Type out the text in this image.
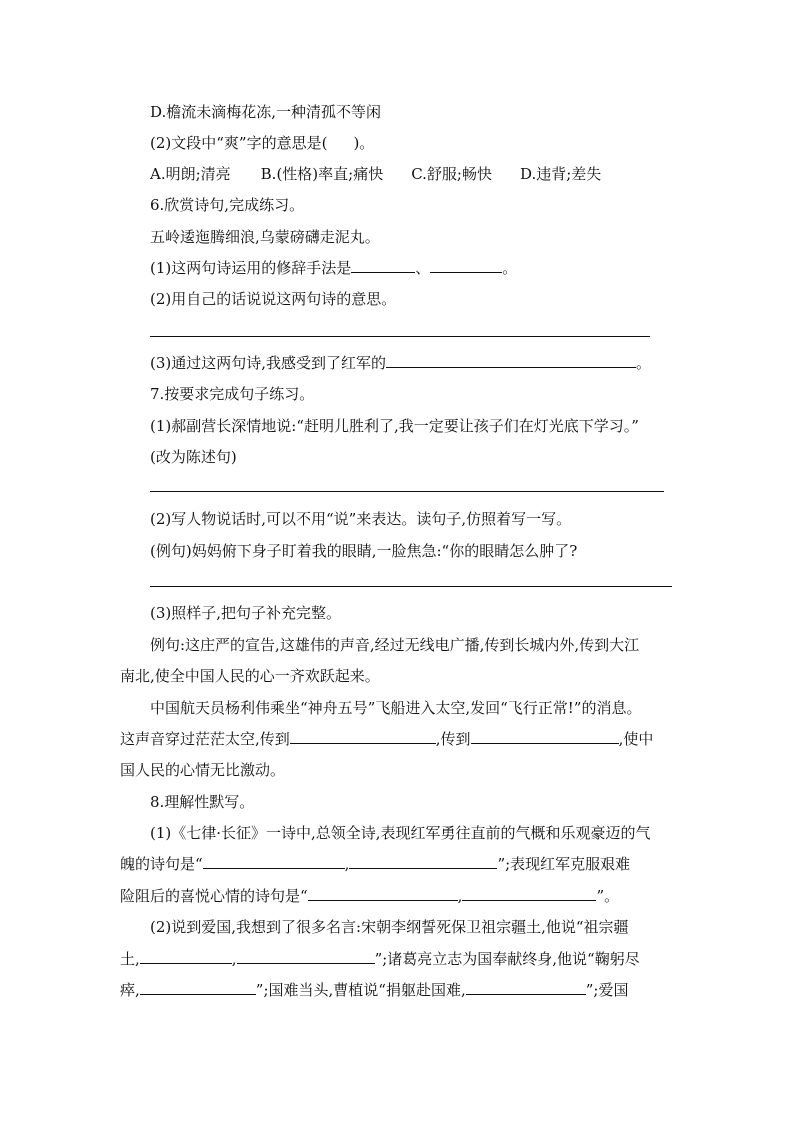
D.檐流未滴梅花冻,一种清孤不等闲
(2)文段中“爽”字的意思是( )。
A.明朗;清亮 B.(性格)率直;痛快 C.舒服;畅快 D.违背;差失
6.欣赏诗句,完成练习。
五岭逶迤腾细浪,乌蒙磅礴走泥丸。
(1)这两句诗运用的修辞手法是	、	。
(2)用自己的话说说这两句诗的意思。
(3)通过这两句诗,我感受到了红军的	。
7.按要求完成句子练习。
(1)郝副营长深情地说:“赶明儿胜利了,我一定要让孩子们在灯光底下学习。”
(改为陈述句)
(2)写人物说话时,可以不用“说”来表达。读句子,仿照着写一写。
(例句)妈妈俯下身子盯着我的眼睛,一脸焦急:“你的眼睛怎么肿了?
(3)照样子,把句子补充完整。
例句:这庄严的宣告,这雄伟的声音,经过无线电广播,传到长城内外,传到大江
南北,使全中国人民的心一齐欢跃起来。
中国航天员杨利伟乘坐“神舟五号”飞船进入太空,发回“飞行正常!”的消息。
这声音穿过茫茫太空,传到	,传到	,使中
国人民的心情无比激动。
8.理解性默写。
(1)《七律·长征》一诗中,总领全诗,表现红军勇往直前的气概和乐观豪迈的气
魄的诗句是“	,	”;表现红军克服艰难
险阻后的喜悦心情的诗句是“	,	”。
(2)说到爱国,我想到了很多名言:宋朝李纲誓死保卫祖宗疆土,他说“祖宗疆
土,	,	”;诸葛亮立志为国奉献终身,他说“鞠躬尽
瘁,	”;国难当头,曹植说“捐躯赴国难,	”;爱国
